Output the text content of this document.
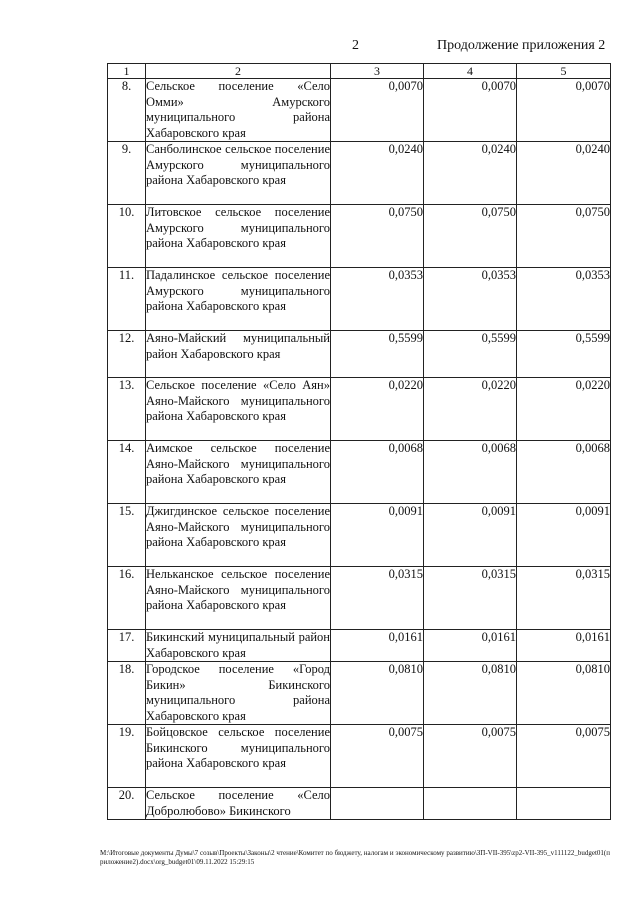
2	Продолжение приложения 2
1	2	3	4	5
8.	Сельское поселение «Село Омми» Амурского муниципального района Хабаровского края	0,0070	0,0070	0,0070
9.	Санболинское сельское поселение Амурского муниципального района Хабаровского края	0,0240	0,0240	0,0240
10.	Литовское сельское поселение Амурского муниципального района Хабаровского края	0,0750	0,0750	0,0750
11.	Падалинское сельское поселение Амурского муниципального района Хабаровского края	0,0353	0,0353	0,0353
12.	Аяно-Майский муниципальный район Хабаровского края	0,5599	0,5599	0,5599
13.	Сельское поселение «Село Аян» Аяно-Майского муниципального района Хабаровского края	0,0220	0,0220	0,0220
14.	Аимское сельское поселение Аяно-Майского муниципального района Хабаровского края	0,0068	0,0068	0,0068
15.	Джигдинское сельское поселение Аяно-Майского муниципального района Хабаровского края	0,0091	0,0091	0,0091
16.	Нельканское сельское поселение Аяно-Майского муниципального района Хабаровского края	0,0315	0,0315	0,0315
17.	Бикинский муниципальный район Хабаровского края	0,0161	0,0161	0,0161
18.	Городское поселение «Город Бикин» Бикинского муниципального района Хабаровского края	0,0810	0,0810	0,0810
19.	Бойцовское сельское поселение Бикинского муниципального района Хабаровского края	0,0075	0,0075	0,0075
20.	Сельское поселение «Село Добролюбово» Бикинского			
M:\Итоговые документы Думы\7 созыв\Проекты\Законы\2 чтение\Комитет по бюджету, налогам и экономическому развитию\ЗП-VII-395\zp2-VII-395_v111122_budget01(приложение2).docx\org_budget01\09.11.2022 15:29:15
